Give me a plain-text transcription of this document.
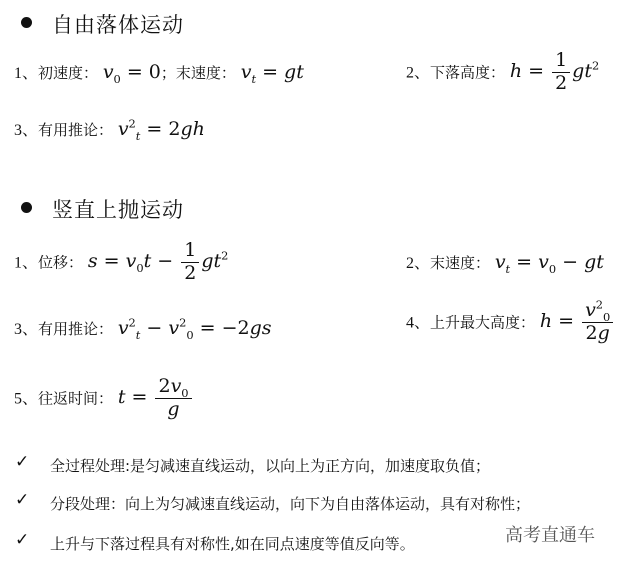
自由落体运动
1、初速度： $v_0 = 0$；末速度： $v_t$ = gt	2、下落高度： $h = \frac{1}{2} gt^2$
3、有用推论： $v^2_t = 2gh$
竖直上抛运动
1、位移： $s = v_0t - \frac{1}{2} gt^2$	2、末速度： $v_t = v_0$ − gt
3、有用推论： $v^2_t - v^2_0 = -2gs$	4、上升最大高度： $h = \frac{v^2_0}{2g}$
5、往返时间： $t = \frac{2v_0}{g}$
✓ 全过程处理:是匀减速直线运动，以向上为正方向，加速度取负值；
✓ 分段处理：向上为匀减速直线运动，向下为自由落体运动，具有对称性；
✓ 上升与下落过程具有对称性,如在同点速度等值反向等。	高考直通车
